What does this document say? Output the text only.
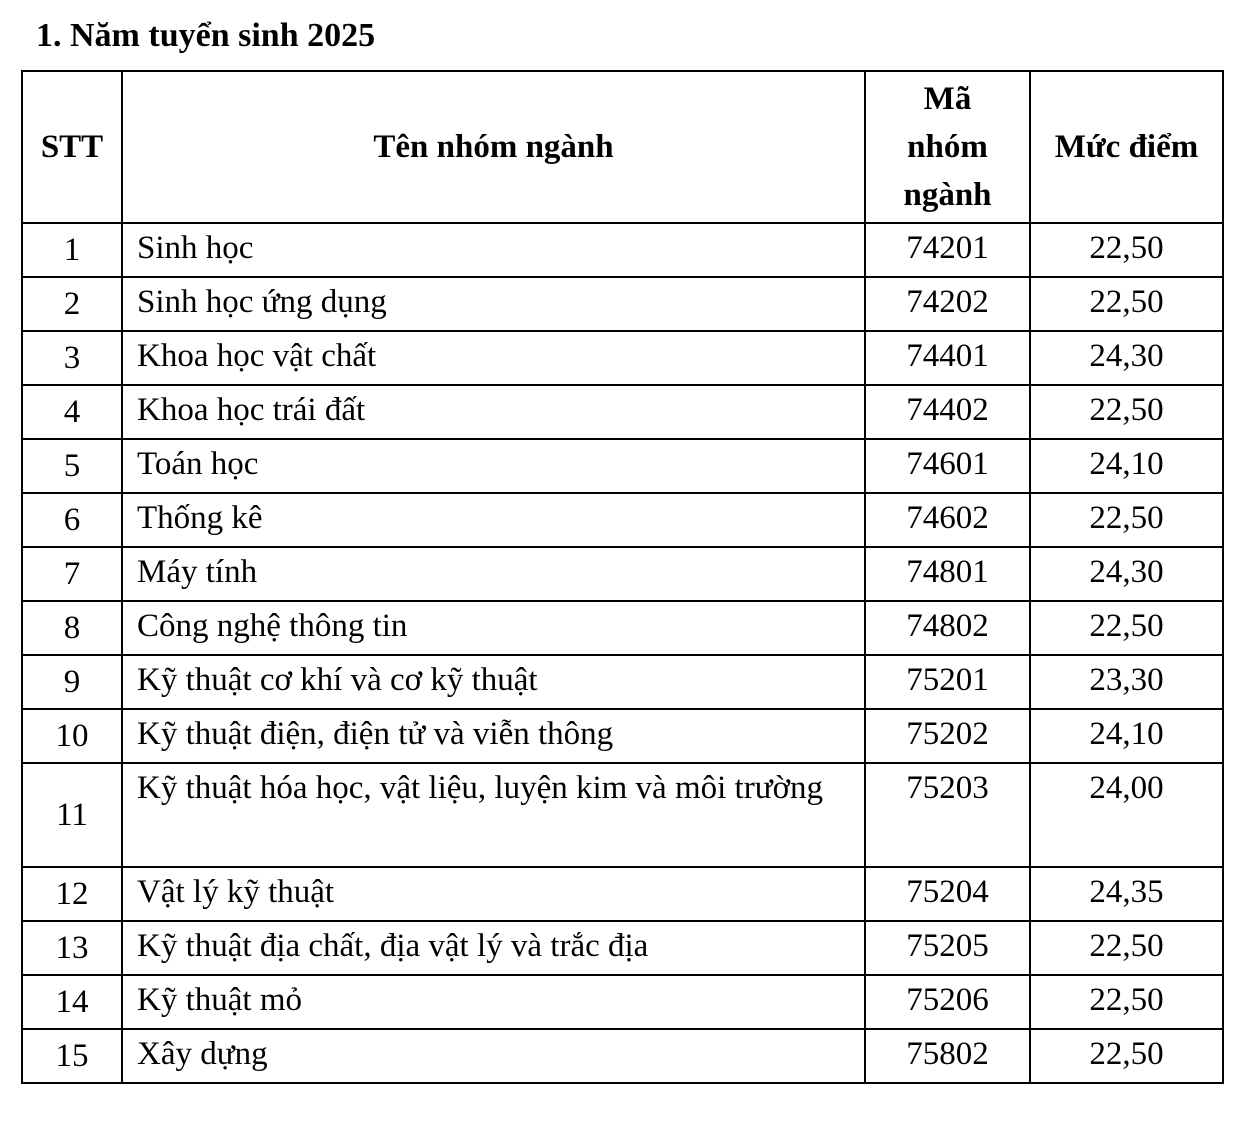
1. Năm tuyển sinh 2025
STT	Tên nhóm ngành	Mã nhóm ngành	Mức điểm
1	Sinh học	74201	22,50
2	Sinh học ứng dụng	74202	22,50
3	Khoa học vật chất	74401	24,30
4	Khoa học trái đất	74402	22,50
5	Toán học	74601	24,10
6	Thống kê	74602	22,50
7	Máy tính	74801	24,30
8	Công nghệ thông tin	74802	22,50
9	Kỹ thuật cơ khí và cơ kỹ thuật	75201	23,30
10	Kỹ thuật điện, điện tử và viễn thông	75202	24,10
11	Kỹ thuật hóa học, vật liệu, luyện kim và môi trường	75203	24,00
12	Vật lý kỹ thuật	75204	24,35
13	Kỹ thuật địa chất, địa vật lý và trắc địa	75205	22,50
14	Kỹ thuật mỏ	75206	22,50
15	Xây dựng	75802	22,50
